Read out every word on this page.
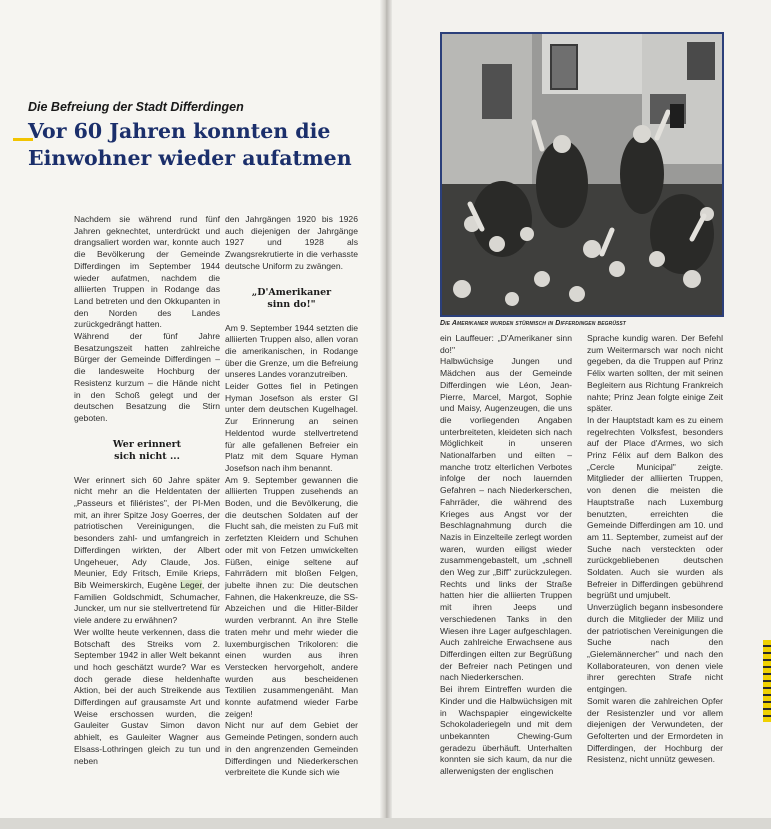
Die Befreiung der Stadt Differdingen
Vor 60 Jahren konnten die
Einwohner wieder aufatmen

Nachdem sie während rund fünf Jahren geknechtet, unterdrückt und drangsaliert worden war, konnte auch die Bevölkerung der Gemeinde Differdingen im September 1944 wieder aufatmen, nachdem die alliierten Truppen in Rodange das Land betreten und den Okkupanten in den Norden des Landes zurückgedrängt hatten.

Während der fünf Jahre Besatzungszeit hatten zahlreiche Bürger der Gemeinde Differdingen – die landesweite Hochburg der Resistenz kurzum – die Hände nicht in den Schoß gelegt und der deutschen Besatzung die Stirn geboten.

Wer erinnert
sich nicht ...

Wer erinnert sich 60 Jahre später nicht mehr an die Heldentaten der „Passeurs et filiéristes", der PI-Men mit, an ihrer Spitze Josy Goerres, der patriotischen Vereinigungen, die besonders zahl- und umfangreich in Differdingen wirkten, der Albert Ungeheuer, Ady Claude, Jos. Meunier, Edy Fritsch, Emile Krieps, Bib Weimerskirch, Eugène Leger, der Familien Goldschmidt, Schumacher, Juncker, um nur sie stellvertretend für viele andere zu erwähnen?

Wer wollte heute verkennen, dass die Botschaft des Streiks vom 2. September 1942 in aller Welt bekannt und hoch geschätzt wurde? War es doch gerade diese heldenhafte Aktion, bei der auch Streikende aus Differdingen auf grausamste Art und Weise erschossen wurden, die Gauleiter Gustav Simon davon abhielt, es Gauleiter Wagner aus Elsass-Lothringen gleich zu tun und neben

den Jahrgängen 1920 bis 1926 auch diejenigen der Jahrgänge 1927 und 1928 als Zwangsrekrutierte in die verhasste deutsche Uniform zu zwängen.

„D'Amerikaner
sinn do!"

Am 9. September 1944 setzten die alliierten Truppen also, allen voran die amerikanischen, in Rodange über die Grenze, um die Befreiung unseres Landes voranzutreiben.

Leider Gottes fiel in Petingen Hyman Josefson als erster GI unter dem deutschen Kugelhagel. Zur Erinnerung an seinen Heldentod wurde stellvertretend für alle gefallenen Befreier ein Platz mit dem Square Hyman Josefson nach ihm benannt.

Am 9. September gewannen die alliierten Truppen zusehends an Boden, und die Bevölkerung, die die deutschen Soldaten auf der Flucht sah, die meisten zu Fuß mit zerfetzten Kleidern und Schuhen oder mit von Fetzen umwickelten Füßen, einige seltene auf Fahrrädern mit bloßen Felgen, jubelte ihnen zu: Die deutschen Fahnen, die Hakenkreuze, die SS-Abzeichen und die Hitler-Bilder wurden verbrannt. An ihre Stelle traten mehr und mehr wieder die luxemburgischen Trikoloren: die einen wurden aus ihren Verstecken hervorgeholt, andere wurden aus bescheidenen Textilien zusammengenäht. Man konnte aufatmend wieder Farbe zeigen!

Nicht nur auf dem Gebiet der Gemeinde Petingen, sondern auch in den angrenzenden Gemeinden Differdingen und Niederkerschen verbreitete die Kunde sich wie

Die Amerikaner wurden stürmisch in Differdingen begrüßt

ein Lauffeuer: „D'Amerikaner sinn do!"

Halbwüchsige Jungen und Mädchen aus der Gemeinde Differdingen wie Léon, Jean-Pierre, Marcel, Margot, Sophie und Maisy, Augenzeugen, die uns die vorliegenden Angaben unterbreiteten, kleideten sich nach Möglichkeit in unseren Nationalfarben und eilten – manche trotz elterlichen Verbotes infolge der noch lauernden Gefahren – nach Niederkerschen, Fahrräder, die während des Krieges aus Angst vor der Beschlagnahmung durch die Nazis in Einzelteile zerlegt worden waren, wurden eiligst wieder zusammengebastelt, um „schnell den Weg zur „Biff" zurückzulegen. Rechts und links der Straße hatten hier die alliierten Truppen mit ihren Jeeps und verschiedenen Tanks in den Wiesen ihre Lager aufgeschlagen. Auch zahlreiche Erwachsene aus Differdingen eilten zur Begrüßung der Befreier nach Petingen und nach Niederkerschen.

Bei ihrem Eintreffen wurden die Kinder und die Halbwüchsigen mit in Wachspapier eingewickelte Schokoladeriegeln und mit dem unbekannten Chewing-Gum geradezu überhäuft. Unterhalten konnten sie sich kaum, da nur die allerwenigsten der englischen

Sprache kundig waren. Der Befehl zum Weitermarsch war noch nicht gegeben, da die Truppen auf Prinz Félix warten sollten, der mit seinen Begleitern aus Richtung Frankreich nahte; Prinz Jean folgte einige Zeit später.

In der Hauptstadt kam es zu einem regelrechten Volksfest, besonders auf der Place d'Armes, wo sich Prinz Félix auf dem Balkon des „Cercle Municipal" zeigte. Mitglieder der alliierten Truppen, von denen die meisten die Hauptstraße nach Luxemburg benutzten, erreichten die Gemeinde Differdingen am 10. und am 11. September, zumeist auf der Suche nach versteckten oder zurückgebliebenen deutschen Soldaten. Auch sie wurden als Befreier in Differdingen gebührend begrüßt und umjubelt.

Unverzüglich begann insbesondere durch die Mitglieder der Miliz und der patriotischen Vereinigungen die Suche nach den „Gielemännercher" und nach den Kollaborateuren, von denen viele ihrer gerechten Strafe nicht entgingen.

Somit waren die zahlreichen Opfer der Resistenzler und vor allem diejenigen der Verwundeten, der Gefolterten und der Ermordeten in Differdingen, der Hochburg der Resistenz, nicht unnütz gewesen.
